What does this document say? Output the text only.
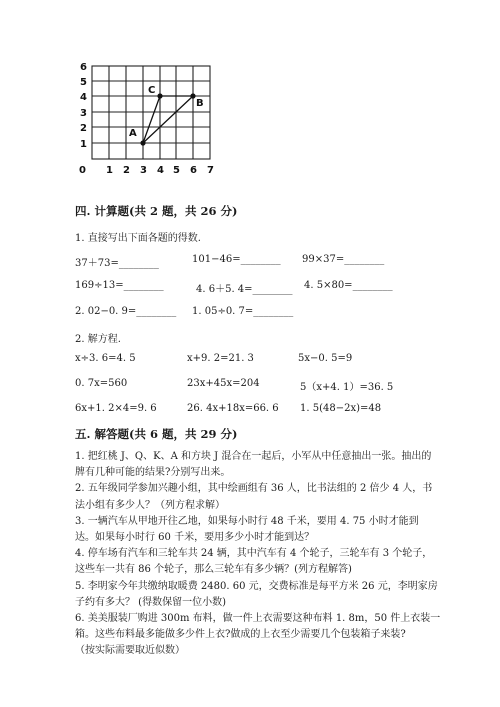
A
B
C
1
2
3
4
5
6
0 1 2 3 4 5 6 7
四. 计算题(共 2 题，共 26 分)
1. 直接写出下面各题的得数.
37＋73=________	101−46=________ 99×37=________
169÷13=________	4. 6＋5. 4=________ 4. 5×80=________
2. 02−0. 9=________ 1. 05÷0. 7=________
2. 解方程.
x÷3. 6=4. 5	x+9. 2=21. 3	5x−0. 5=9
0. 7x=560	23x+45x=204	5（x+4. 1）=36. 5
6x+1. 2×4=9. 6	26. 4x+18x=66. 6 1. 5(48−2x)=48
五. 解答题(共 6 题，共 29 分)
1. 把红桃 J、Q、K、A 和方块 J 混合在一起后，小军从中任意抽出一张。抽出的
牌有几种可能的结果?分别写出来。
2. 五年级同学参加兴趣小组，其中绘画组有 36 人，比书法组的 2 倍少 4 人，书
法小组有多少人？（列方程求解）
3. 一辆汽车从甲地开往乙地，如果每小时行 48 千米，要用 4. 75 小时才能到
达。如果每小时行 60 千米，要用多少小时才能到达？
4. 停车场有汽车和三轮车共 24 辆，其中汽车有 4 个轮子，三轮车有 3 个轮子，
这些车一共有 86 个轮子，那么三轮车有多少辆？(列方程解答)
5. 李明家今年共缴纳取暖费 2480. 60 元，交费标准是每平方米 26 元，李明家房
子约有多大？ (得数保留一位小数)
6. 美美服装厂购进 300m 布料，做一件上衣需要这种布料 1. 8m，50 件上衣装一
箱。这些布料最多能做多少件上衣?做成的上衣至少需要几个包装箱子来装?
（按实际需要取近似数）
